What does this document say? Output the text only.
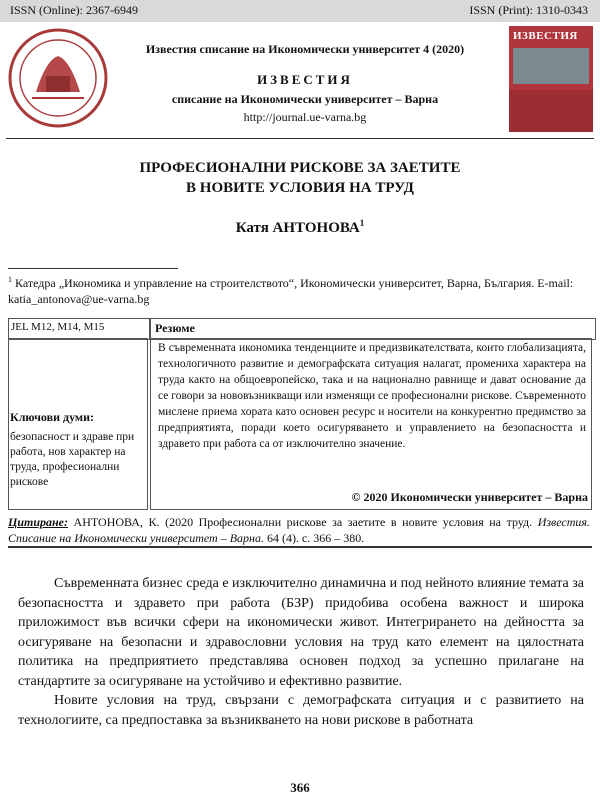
ISSN (Online): 2367-6949	ISSN (Print): 1310-0343
Известия списание на Икономически университет 4 (2020)
ИЗВЕСТИЯ
списание на Икономически университет – Варна
http://journal.ue-varna.bg
ИЗВЕСТИЯ
ПРОФЕСИОНАЛНИ РИСКОВЕ ЗА ЗАЕТИТЕ
В НОВИТЕ УСЛОВИЯ НА ТРУД
Катя АНТОНОВА$^1$
$^1$ Катедра „Икономика и управление на строителството“, Икономически университет, Варна, България. E-mail: katia_antonova@ue-varna.bg
JEL M12, M14, M15
Ключови думи:
безопасност и здраве при работа, нов характер на труда, професионални рискове
Резюме
В съвременната икономика тенденциите и предизвикателствата, които глобализацията, технологичното развитие и демографската ситуация налагат, промениха характера на труда както на общоевропейско, така и на национално равнище и дават основание да се говори за нововъзникващи или изменящи се професионални рискове. Съвременното мислене приема хората като основен ресурс и носители на конкурентно предимство за предприятията, поради което осигуряването и управлението на безопасността и здравето при работа са от изключително значение.
© 2020 Икономически университет – Варна
Цитиране: АНТОНОВА, К. (2020 Професионални рискове за заетите в новите условия на труд. Известия. Списание на Икономически университет – Варна. 64 (4). с. 366 – 380.

Съвременната бизнес среда е изключително динамична и под нейното влияние темата за безопасността и здравето при работа (БЗР) придобива особена важност и широка приложимост във всички сфери на икономически живот. Интегрирането на дейността за осигуряване на безопасни и здравословни условия на труд като елемент на цялостната политика на предприятието представлява основен подход за успешно прилагане на стандартите за осигуряване на устойчиво и ефективно развитие.

Новите условия на труд, свързани с демографската ситуация и с развитието на технологиите, са предпоставка за възникването на нови рискове в работната

366
